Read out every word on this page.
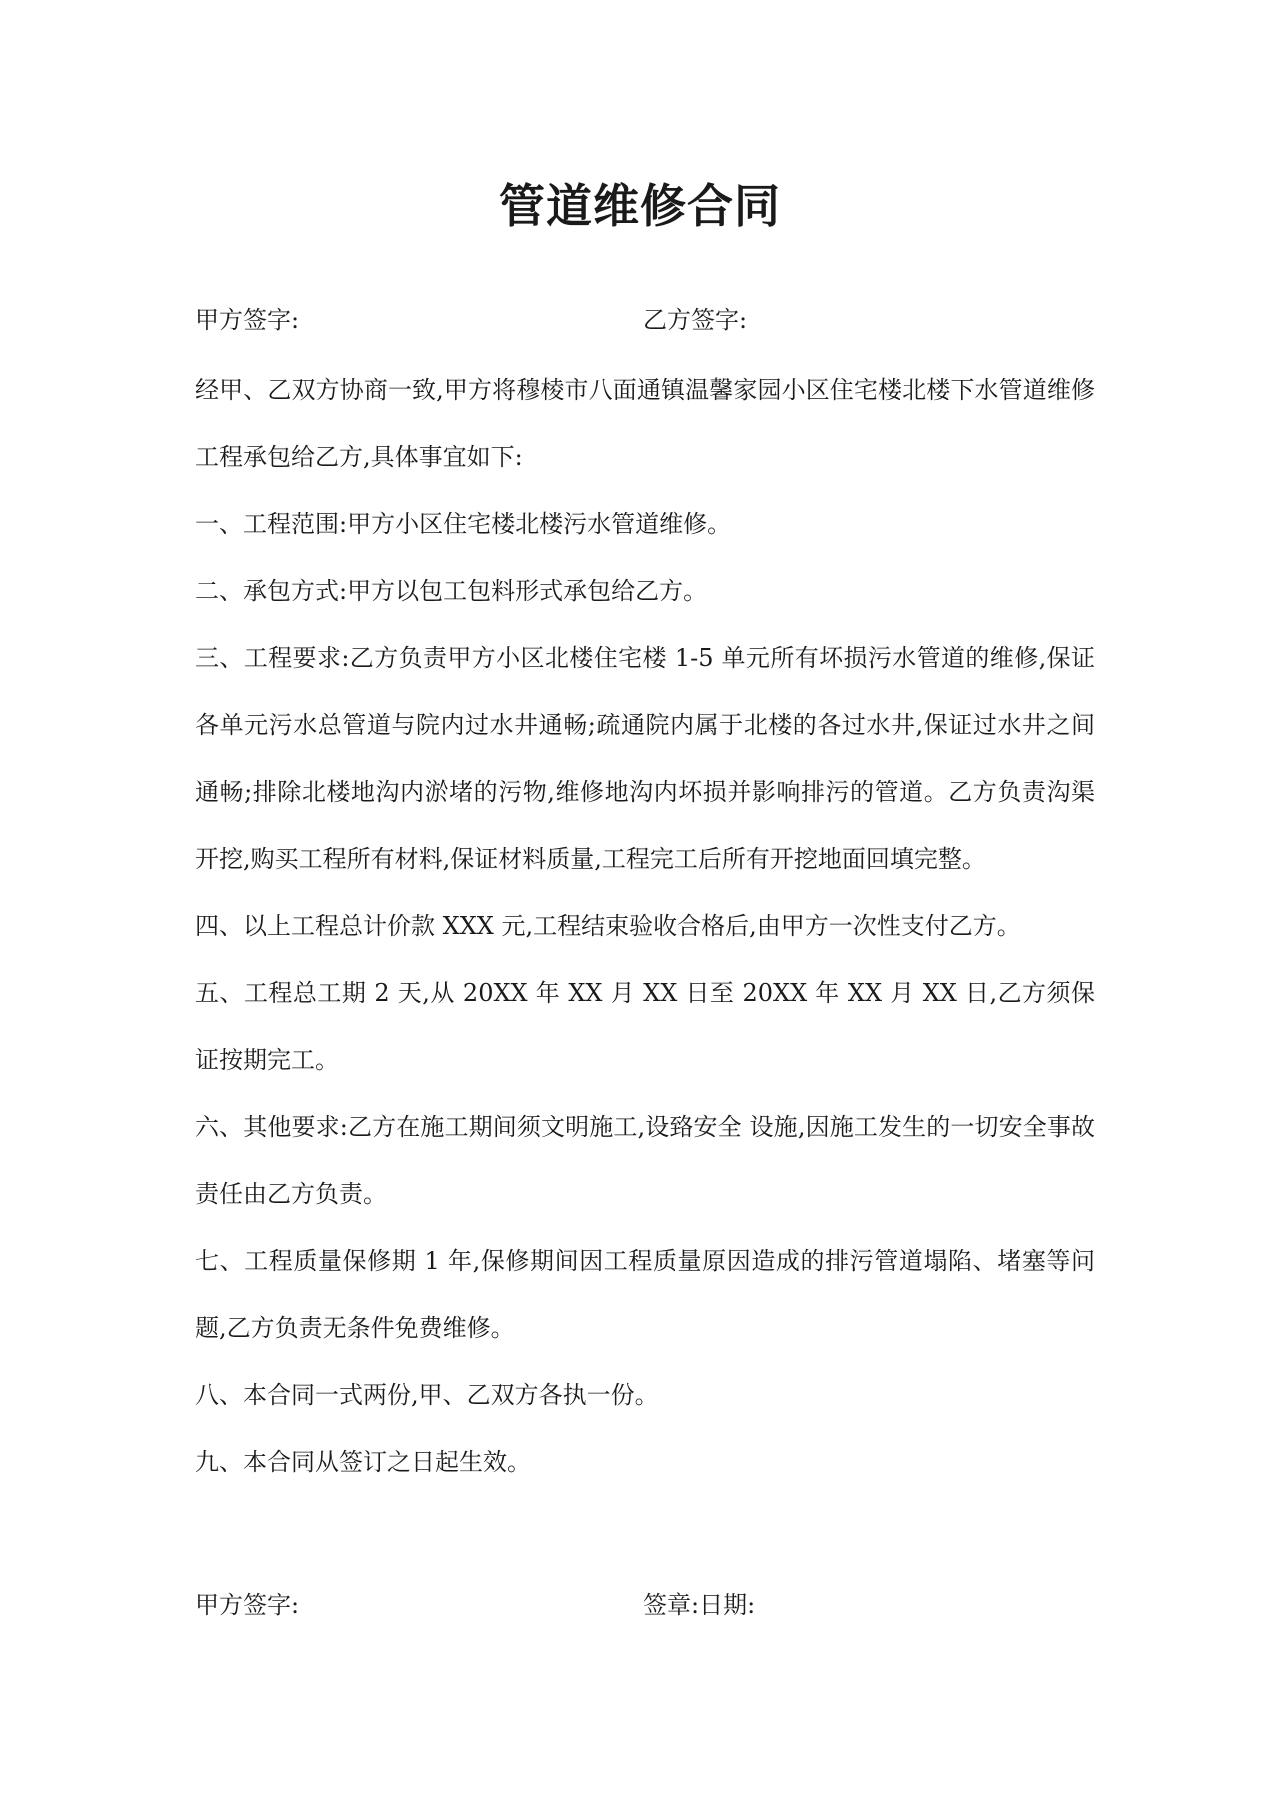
管道维修合同
甲方签字:	乙方签字:

经甲、乙双方协商一致,甲方将穆棱市八面通镇温馨家园小区住宅楼北楼下水管道维修工程承包给乙方,具体事宜如下:

一、工程范围:甲方小区住宅楼北楼污水管道维修。

二、承包方式:甲方以包工包料形式承包给乙方。

三、工程要求:乙方负责甲方小区北楼住宅楼 1-5 单元所有坏损污水管道的维修,保证各单元污水总管道与院内过水井通畅;疏通院内属于北楼的各过水井,保证过水井之间通畅;排除北楼地沟内淤堵的污物,维修地沟内坏损并影响排污的管道。乙方负责沟渠开挖,购买工程所有材料,保证材料质量,工程完工后所有开挖地面回填完整。

四、以上工程总计价款 XXX 元,工程结束验收合格后,由甲方一次性支付乙方。

五、工程总工期 2 天,从 20XX 年 XX 月 XX 日至 20XX 年 XX 月 XX 日,乙方须保证按期完工。

六、其他要求:乙方在施工期间须文明施工,设臵安全 设施,因施工发生的一切安全事故责任由乙方负责。

七、工程质量保修期 1 年,保修期间因工程质量原因造成的排污管道塌陷、堵塞等问题,乙方负责无条件免费维修。

八、本合同一式两份,甲、乙双方各执一份。

九、本合同从签订之日起生效。

甲方签字:	签章:日期:
